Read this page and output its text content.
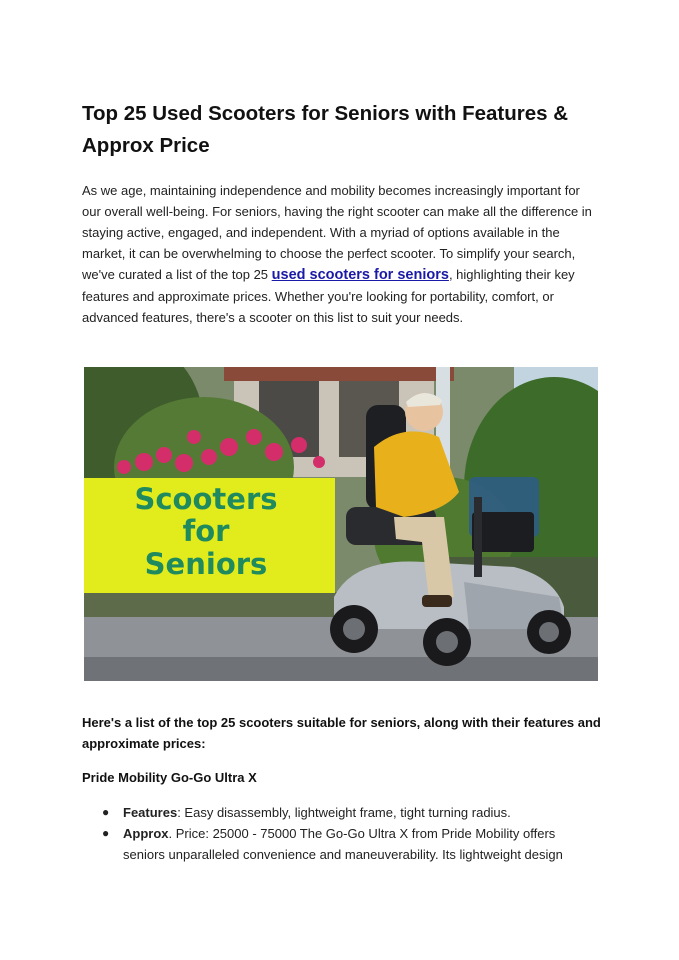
Top 25 Used Scooters for Seniors with Features & Approx Price

As we age, maintaining independence and mobility becomes increasingly important for our overall well-being. For seniors, having the right scooter can make all the difference in staying active, engaged, and independent. With a myriad of options available in the market, it can be overwhelming to choose the perfect scooter. To simplify your search, we've curated a list of the top 25 used scooters for seniors, highlighting their key features and approximate prices. Whether you're looking for portability, comfort, or advanced features, there's a scooter on this list to suit your needs.

Scooters
for
Seniors

Here's a list of the top 25 scooters suitable for seniors, along with their features and approximate prices:

Pride Mobility Go-Go Ultra X

● Features: Easy disassembly, lightweight frame, tight turning radius.
● Approx. Price: 25000 - 75000 The Go-Go Ultra X from Pride Mobility offers seniors unparalleled convenience and maneuverability. Its lightweight design
